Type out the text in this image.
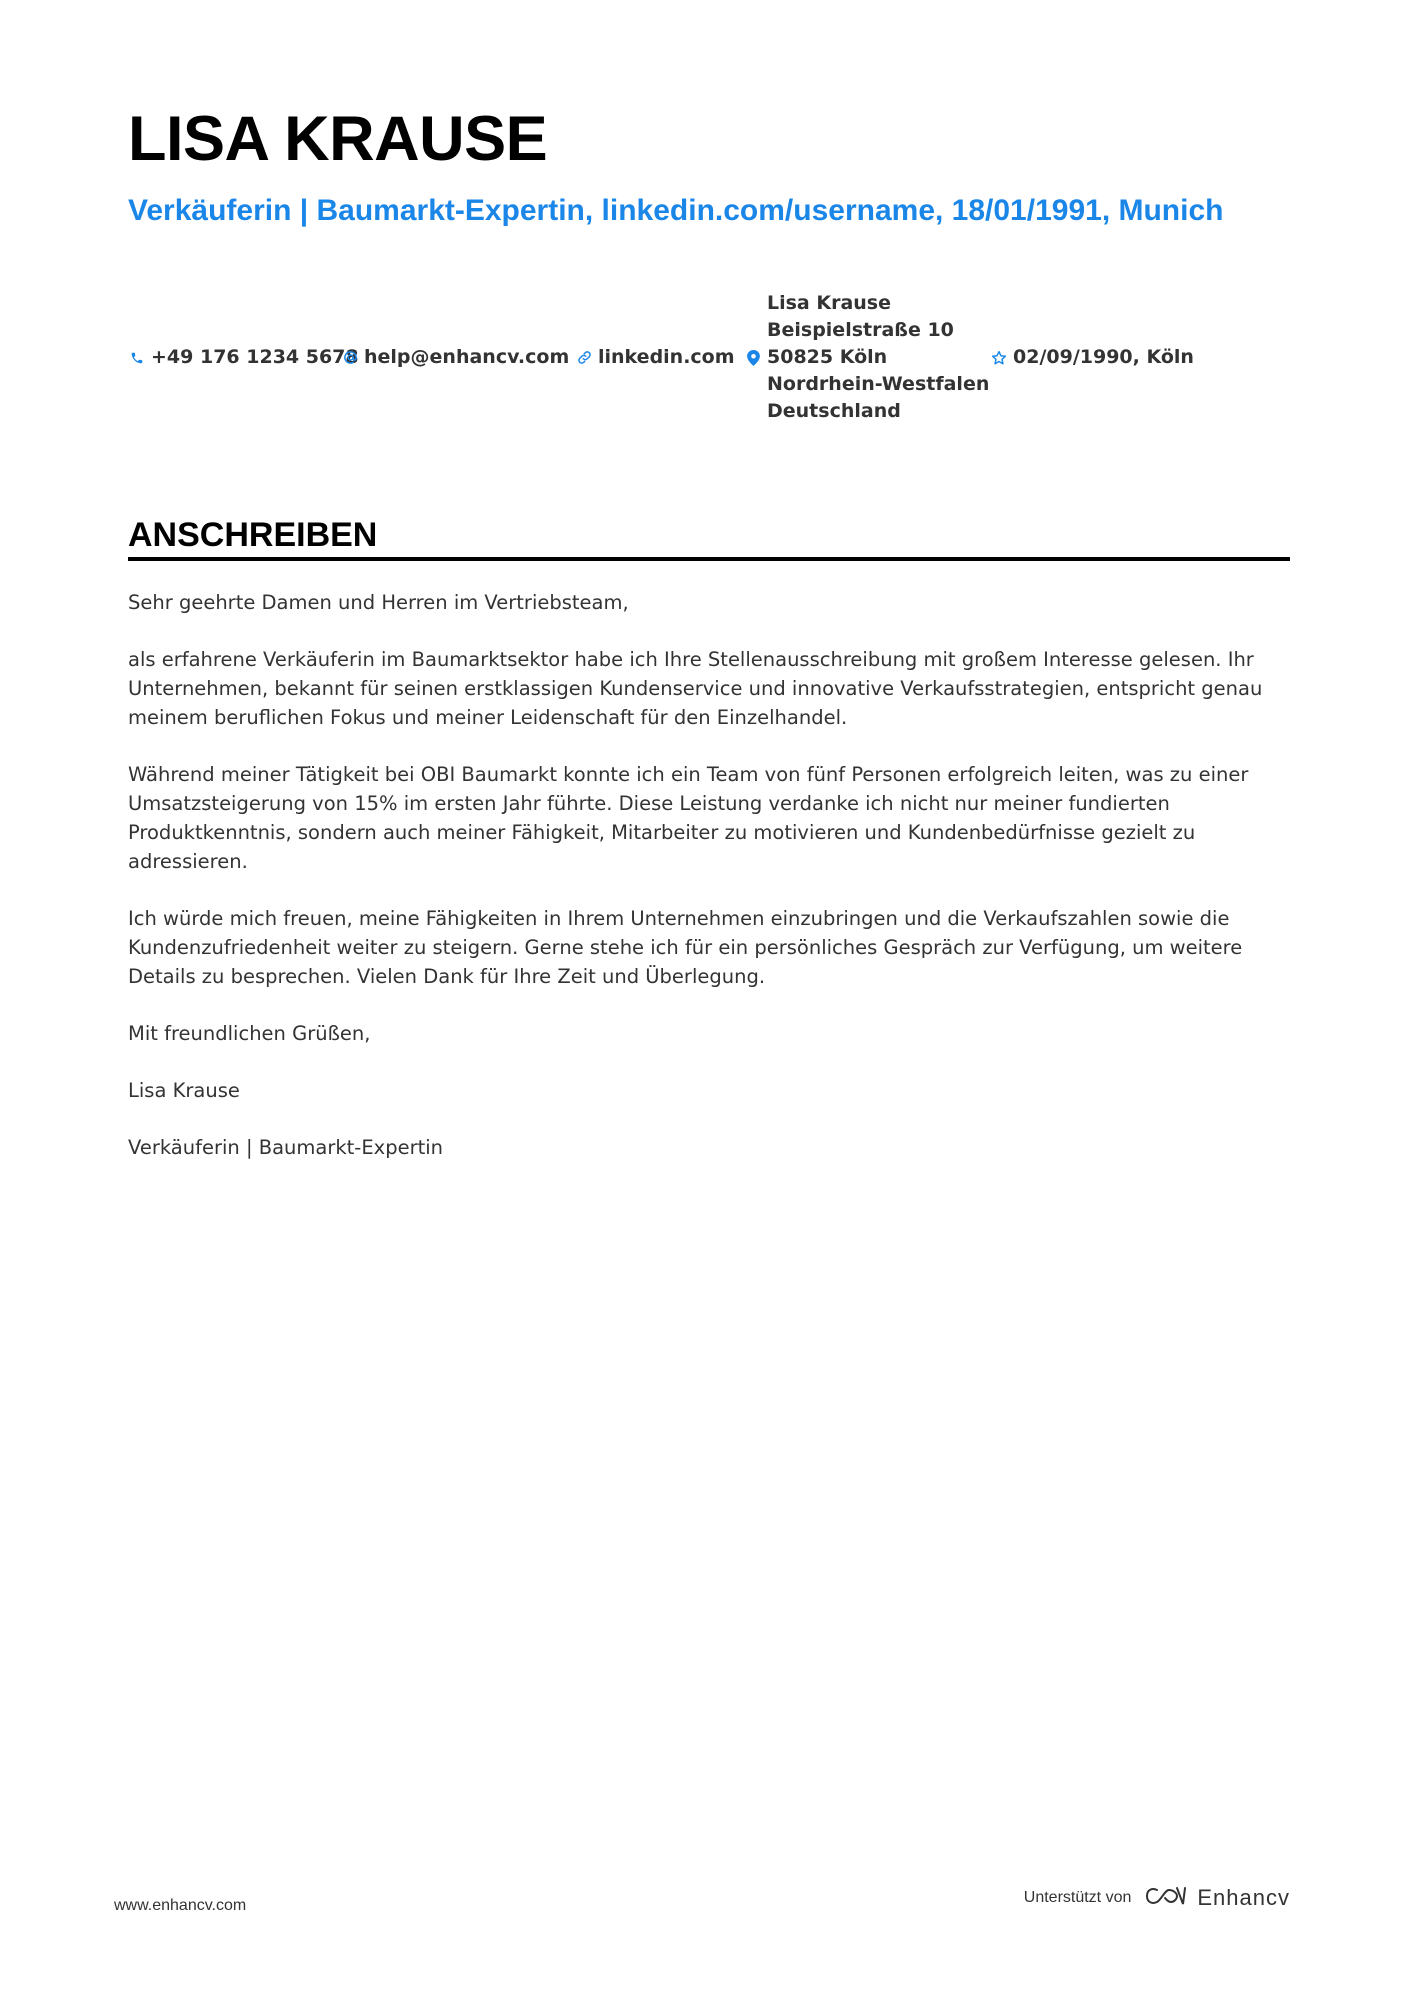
LISA KRAUSE
Verkäuferin | Baumarkt-Expertin, linkedin.com/username, 18/01/1991, Munich
+49 176 1234 5678 help@enhancv.com linkedin.com
Lisa Krause
Beispielstraße 10
50825 Köln
Nordrhein-Westfalen
Deutschland
02/09/1990, Köln
ANSCHREIBEN

Sehr geehrte Damen und Herren im Vertriebsteam,

als erfahrene Verkäuferin im Baumarktsektor habe ich Ihre Stellenausschreibung mit großem Interesse gelesen. Ihr Unternehmen, bekannt für seinen erstklassigen Kundenservice und innovative Verkaufsstrategien, entspricht genau meinem beruflichen Fokus und meiner Leidenschaft für den Einzelhandel.

Während meiner Tätigkeit bei OBI Baumarkt konnte ich ein Team von fünf Personen erfolgreich leiten, was zu einer Umsatzsteigerung von 15% im ersten Jahr führte. Diese Leistung verdanke ich nicht nur meiner fundierten Produktkenntnis, sondern auch meiner Fähigkeit, Mitarbeiter zu motivieren und Kundenbedürfnisse gezielt zu adressieren.

Ich würde mich freuen, meine Fähigkeiten in Ihrem Unternehmen einzubringen und die Verkaufszahlen sowie die Kundenzufriedenheit weiter zu steigern. Gerne stehe ich für ein persönliches Gespräch zur Verfügung, um weitere Details zu besprechen. Vielen Dank für Ihre Zeit und Überlegung.

Mit freundlichen Grüßen,

Lisa Krause

Verkäuferin | Baumarkt-Expertin

www.enhancv.com	Unterstützt von	Enhancv
